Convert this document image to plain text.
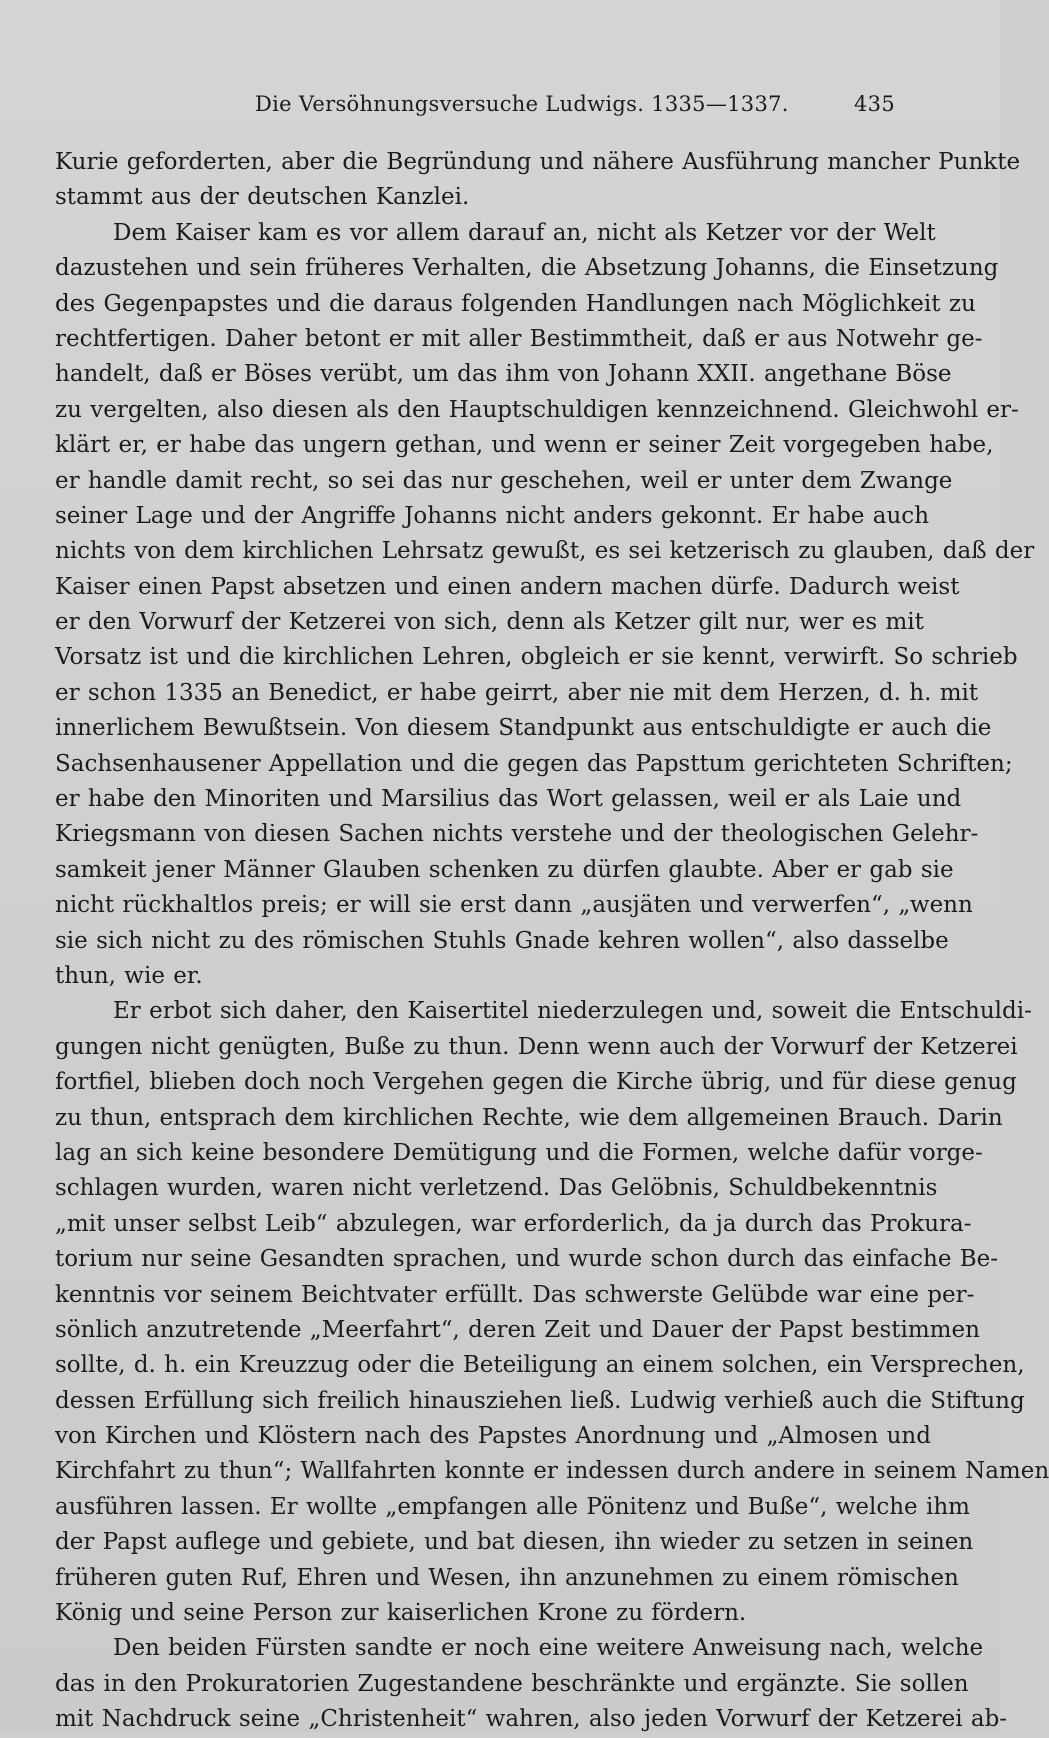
Die Versöhnungsversuche Ludwigs. 1335—1337.	435
Kurie geforderten, aber die Begründung und nähere Ausführung mancher Punkte
stammt aus der deutschen Kanzlei.
Dem Kaiser kam es vor allem darauf an, nicht als Ketzer vor der Welt
dazustehen und sein früheres Verhalten, die Absetzung Johanns, die Einsetzung
des Gegenpapstes und die daraus folgenden Handlungen nach Möglichkeit zu
rechtfertigen. Daher betont er mit aller Bestimmtheit, daß er aus Notwehr ge-
handelt, daß er Böses verübt, um das ihm von Johann XXII. angethane Böse
zu vergelten, also diesen als den Hauptschuldigen kennzeichnend. Gleichwohl er-
klärt er, er habe das ungern gethan, und wenn er seiner Zeit vorgegeben habe,
er handle damit recht, so sei das nur geschehen, weil er unter dem Zwange
seiner Lage und der Angriffe Johanns nicht anders gekonnt. Er habe auch
nichts von dem kirchlichen Lehrsatz gewußt, es sei ketzerisch zu glauben, daß der
Kaiser einen Papst absetzen und einen andern machen dürfe. Dadurch weist
er den Vorwurf der Ketzerei von sich, denn als Ketzer gilt nur, wer es mit
Vorsatz ist und die kirchlichen Lehren, obgleich er sie kennt, verwirft. So schrieb
er schon 1335 an Benedict, er habe geirrt, aber nie mit dem Herzen, d. h. mit
innerlichem Bewußtsein. Von diesem Standpunkt aus entschuldigte er auch die
Sachsenhausener Appellation und die gegen das Papsttum gerichteten Schriften;
er habe den Minoriten und Marsilius das Wort gelassen, weil er als Laie und
Kriegsmann von diesen Sachen nichts verstehe und der theologischen Gelehr-
samkeit jener Männer Glauben schenken zu dürfen glaubte. Aber er gab sie
nicht rückhaltlos preis; er will sie erst dann „ausjäten und verwerfen“, „wenn
sie sich nicht zu des römischen Stuhls Gnade kehren wollen“, also dasselbe
thun, wie er.
Er erbot sich daher, den Kaisertitel niederzulegen und, soweit die Entschuldi-
gungen nicht genügten, Buße zu thun. Denn wenn auch der Vorwurf der Ketzerei
fortfiel, blieben doch noch Vergehen gegen die Kirche übrig, und für diese genug
zu thun, entsprach dem kirchlichen Rechte, wie dem allgemeinen Brauch. Darin
lag an sich keine besondere Demütigung und die Formen, welche dafür vorge-
schlagen wurden, waren nicht verletzend. Das Gelöbnis, Schuldbekenntnis
„mit unser selbst Leib“ abzulegen, war erforderlich, da ja durch das Prokura-
torium nur seine Gesandten sprachen, und wurde schon durch das einfache Be-
kenntnis vor seinem Beichtvater erfüllt. Das schwerste Gelübde war eine per-
sönlich anzutretende „Meerfahrt“, deren Zeit und Dauer der Papst bestimmen
sollte, d. h. ein Kreuzzug oder die Beteiligung an einem solchen, ein Versprechen,
dessen Erfüllung sich freilich hinausziehen ließ. Ludwig verhieß auch die Stiftung
von Kirchen und Klöstern nach des Papstes Anordnung und „Almosen und
Kirchfahrt zu thun“; Wallfahrten konnte er indessen durch andere in seinem Namen
ausführen lassen. Er wollte „empfangen alle Pönitenz und Buße“, welche ihm
der Papst auflege und gebiete, und bat diesen, ihn wieder zu setzen in seinen
früheren guten Ruf, Ehren und Wesen, ihn anzunehmen zu einem römischen
König und seine Person zur kaiserlichen Krone zu fördern.
Den beiden Fürsten sandte er noch eine weitere Anweisung nach, welche
das in den Prokuratorien Zugestandene beschränkte und ergänzte. Sie sollen
mit Nachdruck seine „Christenheit“ wahren, also jeden Vorwurf der Ketzerei ab-
